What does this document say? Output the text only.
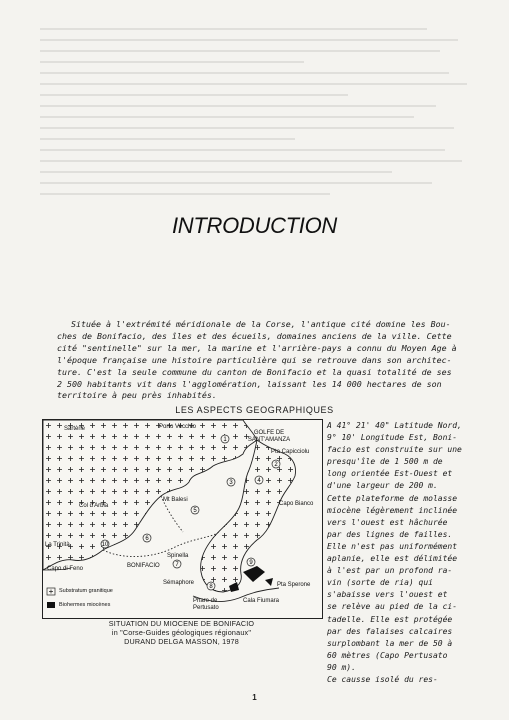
INTRODUCTION
Située à l'extrémité méridionale de la Corse, l'antique cité domine les Bou-
ches de Bonifacio, des îles et des écueils, domaines anciens de la ville. Cette
cité "sentinelle" sur la mer, la marine et l'arrière-pays a connu du Moyen Age à
l'époque française une histoire particulière qui se retrouve dans son architec-
ture. C'est la seule commune du canton de Bonifacio et la quasi totalité de ses
2 500 habitants vit dans l'agglomération, laissant les 14 000 hectares de son
territoire à peu près inhabités.
LES ASPECTS GEOGRAPHIQUES
1
2
3	4
5
6
7
8
9
10
Sartène	Porto Vecchio
GOLFE DE SANT'AMANZA
Pta Capicciolu
Col d'Arbia
Mt Balesi
Capo Bianco
La Trinità
Capo di Feno	BONIFACIO
Spinella
Sémaphore
Phare de Pertusato
Cala Fiumara
Pta Sperone
Substratum granitique
Biohermes miocènes
SITUATION DU MIOCENE DE BONIFACIO
in "Corse-Guides géologiques régionaux"
DURAND DELGA MASSON, 1978
A 41° 21' 40" Latitude Nord,
9° 10' Longitude Est, Boni-
facio est construite sur une
presqu'île de 1 500 m de
long orientée Est-Ouest et
d'une largeur de 200 m.
Cette plateforme de molasse
miocène légèrement inclinée
vers l'ouest est hâchurée
par des lignes de failles.
Elle n'est pas uniformément
aplanie, elle est délimitée
à l'est par un profond ra-
vin (sorte de ria) qui
s'abaisse vers l'ouest et
se relève au pied de la ci-
tadelle. Elle est protégée
par des falaises calcaires
surplombant la mer de 50 à
60 mètres (Capo Pertusato
90 m).
Ce causse isolé du res-
1
